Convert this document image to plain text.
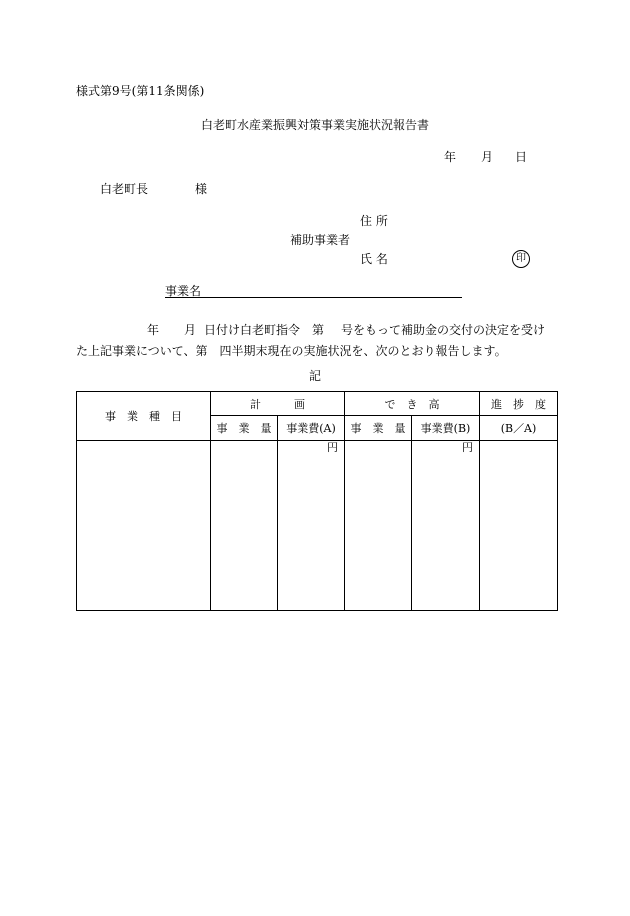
様式第9号(第11条関係)
白老町水産業振興対策事業実施状況報告書
年 月 日
白老町長	様
住 所
補助事業者
氏 名	印
事業名
年 月 日付け白老町指令 第 号をもって補助金の交付の決定を受け
た上記事業について、第　四半期末現在の実施状況を、次のとおり報告します。
記
事　業　種　目	計　　　画		で　き　高		進　捗　度
	事　業　量	事業費(A)	事　業　量	事業費(B)	(B／A)

		円		円	
